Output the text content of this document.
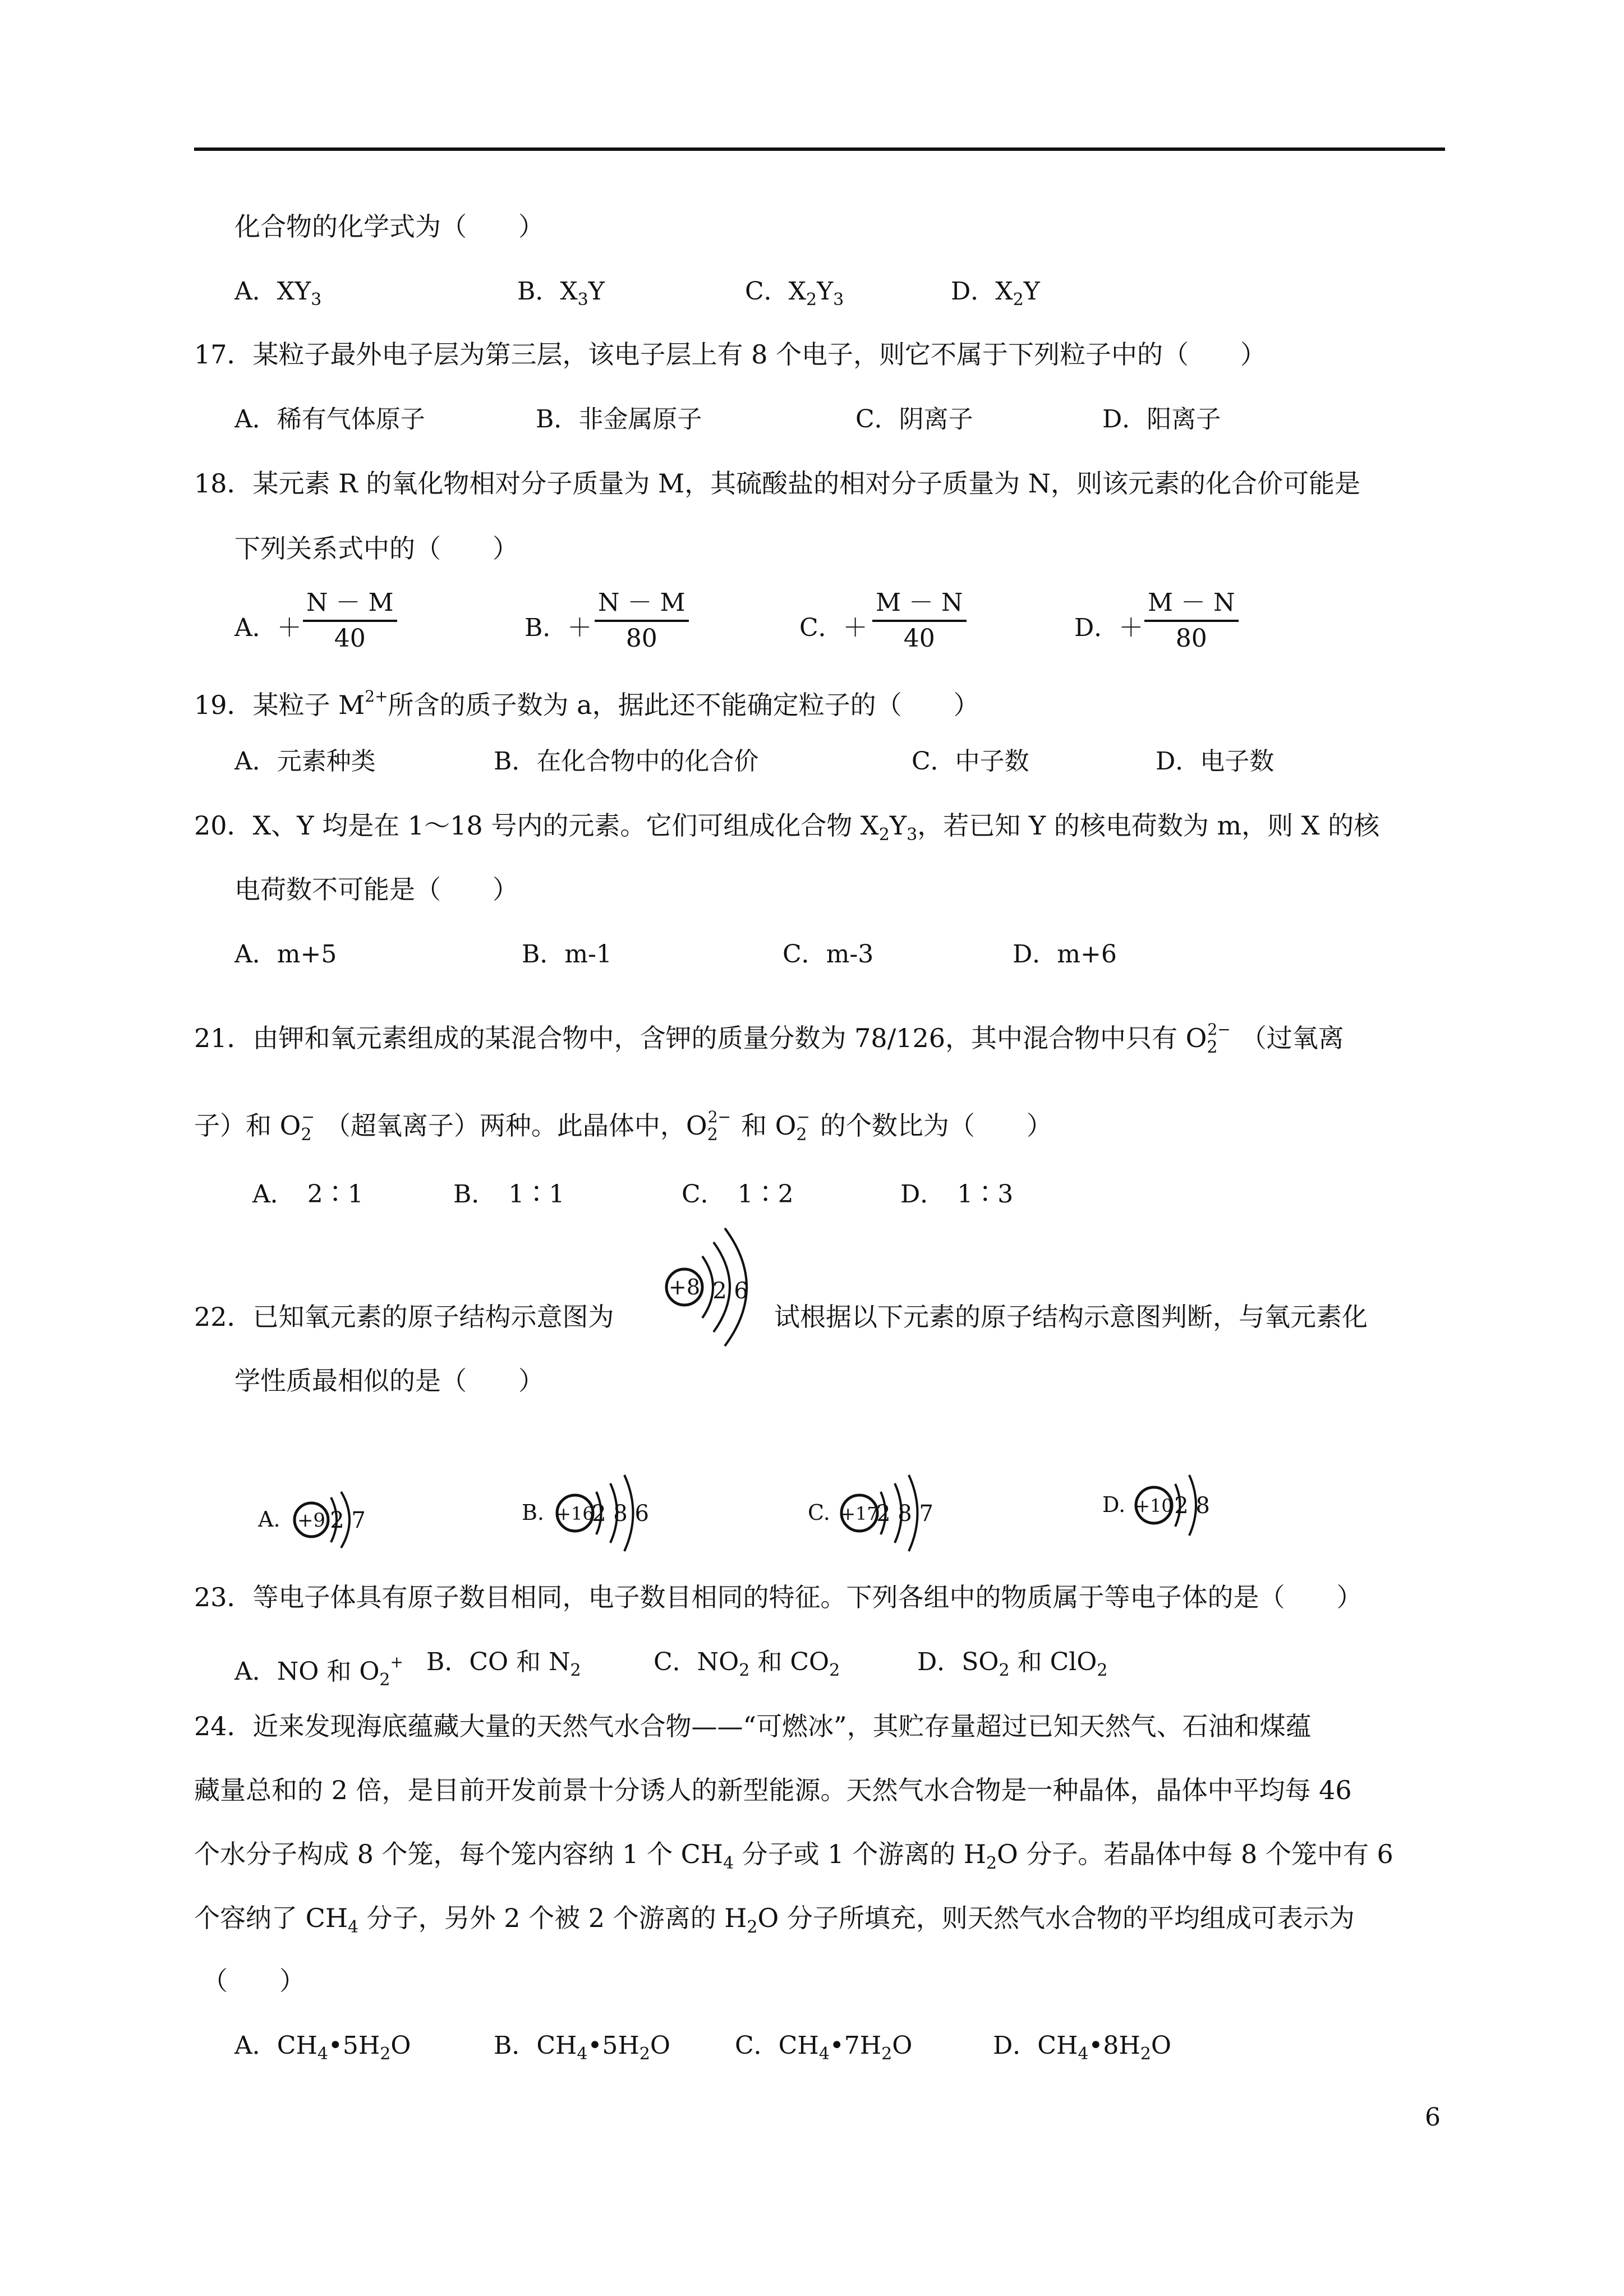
化合物的化学式为（　　）
A．$XY_3$	B．$X_3Y$	C．$X_2Y_3$	D．$X_2Y$
17．某粒子最外电子层为第三层，该电子层上有 8 个电子，则它不属于下列粒子中的（　　）
A．稀有气体原子	B．非金属原子	C．阴离子	D．阳离子
18．某元素 R 的氧化物相对分子质量为 M，其硫酸盐的相对分子质量为 N，则该元素的化合价可能是
下列关系式中的（　　）
A．＋
N － M
40	B．＋
N － M
80	C．＋
M － N
40	D．＋
M － N
80
19．某粒子 $M^{2+}$所含的质子数为 a，据此还不能确定粒子的（　　）
A．元素种类	B．在化合物中的化合价	C．中子数	D．电子数
20．X、Y 均是在 1～18 号内的元素。它们可组成化合物 $X_2Y_3$，若已知 Y 的核电荷数为 m，则 X 的核
电荷数不可能是（　　）
A．m+5	B．m-1	C．m-3	D．m+6
21．由钾和氧元素组成的某混合物中，含钾的质量分数为 78/126，其中混合物中只有 $O_2^{2-}$ （过氧离
子）和 $O_2^-$ （超氧离子）两种。此晶体中，$O_2^{2-}$ 和 $O_2^-$ 的个数比为（　　）
A．　2∶1	B．　1∶1	C．　1∶2	D．　1∶3
22．已知氧元素的原子结构示意图为
+8 2 6
试根据以下元素的原子结构示意图判断，与氧元素化
学性质最相似的是（　　）
A. +9 2 7	B. +16
2 8 6	C. +17
2 8 7	D. +10 2 8
23．等电子体具有原子数目相同，电子数目相同的特征。下列各组中的物质属于等电子体的是（　　）
A．NO 和 $O_2^+$ B．CO 和 $N_2$	C．$NO_2$ 和 $CO_2$	D．$SO_2$ 和 ClO$_2$
24．近来发现海底蕴藏大量的天然气水合物——“可燃冰”，其贮存量超过已知天然气、石油和煤蕴
藏量总和的 2 倍，是目前开发前景十分诱人的新型能源。天然气水合物是一种晶体，晶体中平均每 46
个水分子构成 8 个笼，每个笼内容纳 1 个 $CH_4$ 分子或 1 个游离的 $H_2O$ 分子。若晶体中每 8 个笼中有 6
个容纳了 $CH_4$ 分子，另外 2 个被 2 个游离的 $H_2O$ 分子所填充，则天然气水合物的平均组成可表示为
（　　）
A．$CH_4•5H_2O$	B．$CH_4•5H_2O$	C．$CH_4•7H_2O$	D．$CH_4•8H_2O$
6
